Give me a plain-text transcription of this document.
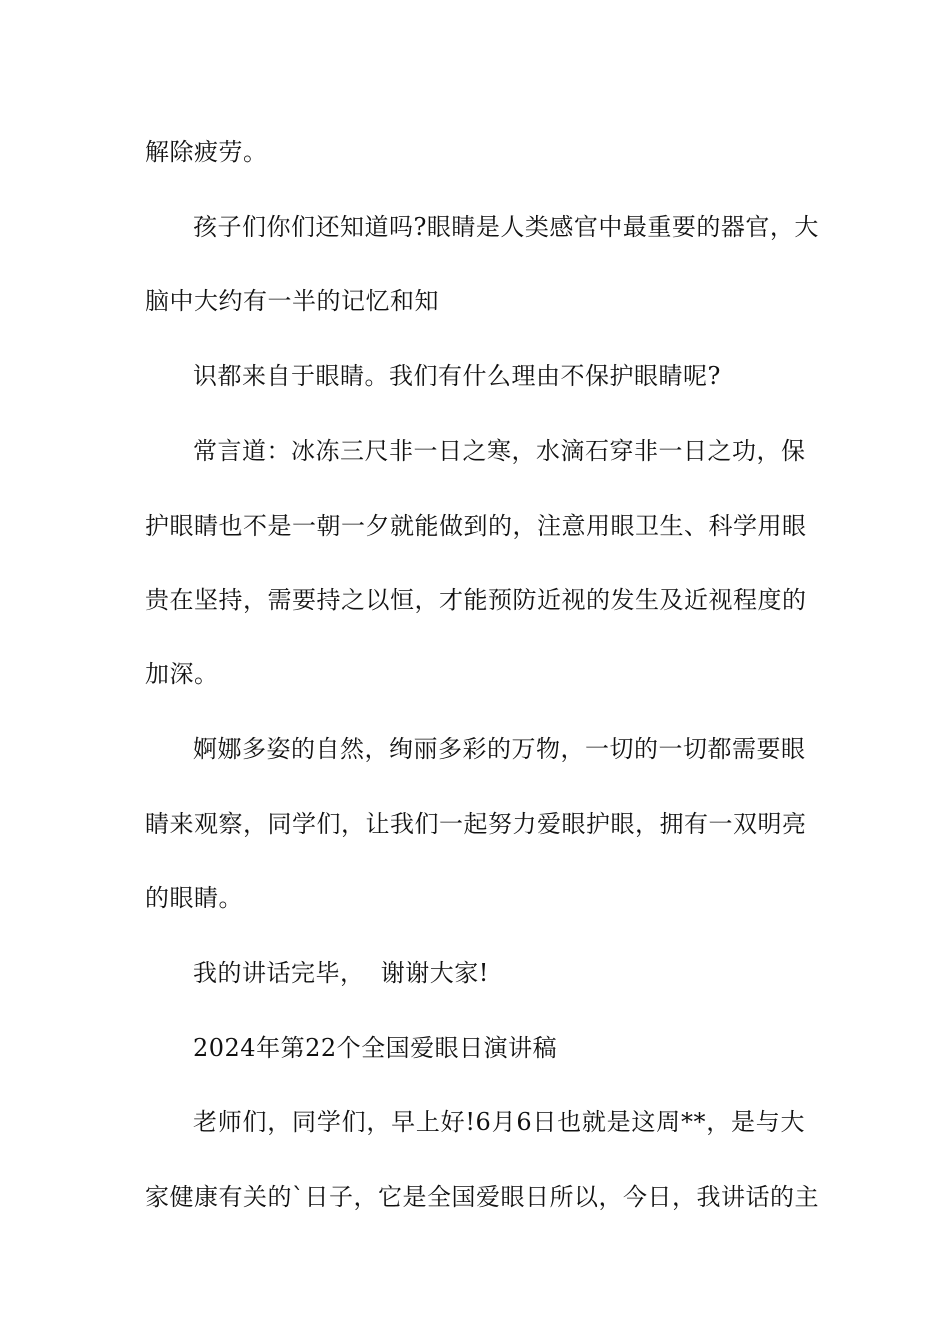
解除疲劳。

孩子们你们还知道吗?眼睛是人类感官中最重要的器官，大

脑中大约有一半的记忆和知

识都来自于眼睛。我们有什么理由不保护眼睛呢?

常言道：冰冻三尺非一日之寒，水滴石穿非一日之功，保

护眼睛也不是一朝一夕就能做到的，注意用眼卫生、科学用眼

贵在坚持，需要持之以恒，才能预防近视的发生及近视程度的

加深。

婀娜多姿的自然，绚丽多彩的万物，一切的一切都需要眼

睛来观察，同学们，让我们一起努力爱眼护眼，拥有一双明亮

的眼睛。

我的讲话完毕，  谢谢大家!

2024年第22个全国爱眼日演讲稿

老师们，同学们，早上好!6月6日也就是这周**，是与大

家健康有关的`日子，它是全国爱眼日所以，今日，我讲话的主
